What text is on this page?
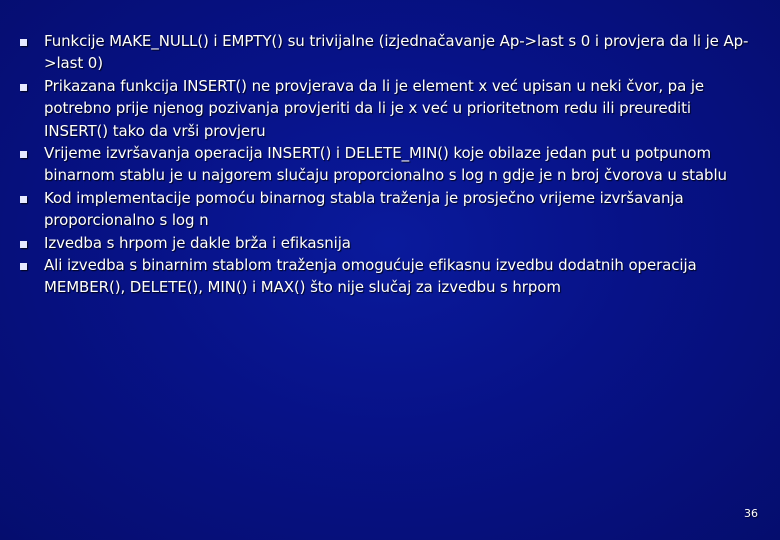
Funkcije MAKE_NULL() i EMPTY() su trivijalne (izjednačavanje Ap->last s 0 i provjera da li je Ap->last 0)
Prikazana funkcija INSERT() ne provjerava da li je element x već upisan u neki čvor, pa je potrebno prije njenog pozivanja provjeriti da li je x već u prioritetnom redu ili preurediti INSERT() tako da vrši provjeru
Vrijeme izvršavanja operacija INSERT() i DELETE_MIN() koje obilaze jedan put u potpunom binarnom stablu je u najgorem slučaju proporcionalno s log n gdje je n broj čvorova u stablu
Kod implementacije pomoću binarnog stabla traženja je prosječno vrijeme izvršavanja proporcionalno s log n
Izvedba s hrpom je dakle brža i efikasnija
Ali izvedba s binarnim stablom traženja omogućuje efikasnu izvedbu dodatnih operacija MEMBER(), DELETE(), MIN() i MAX() što nije slučaj za izvedbu s hrpom
36
